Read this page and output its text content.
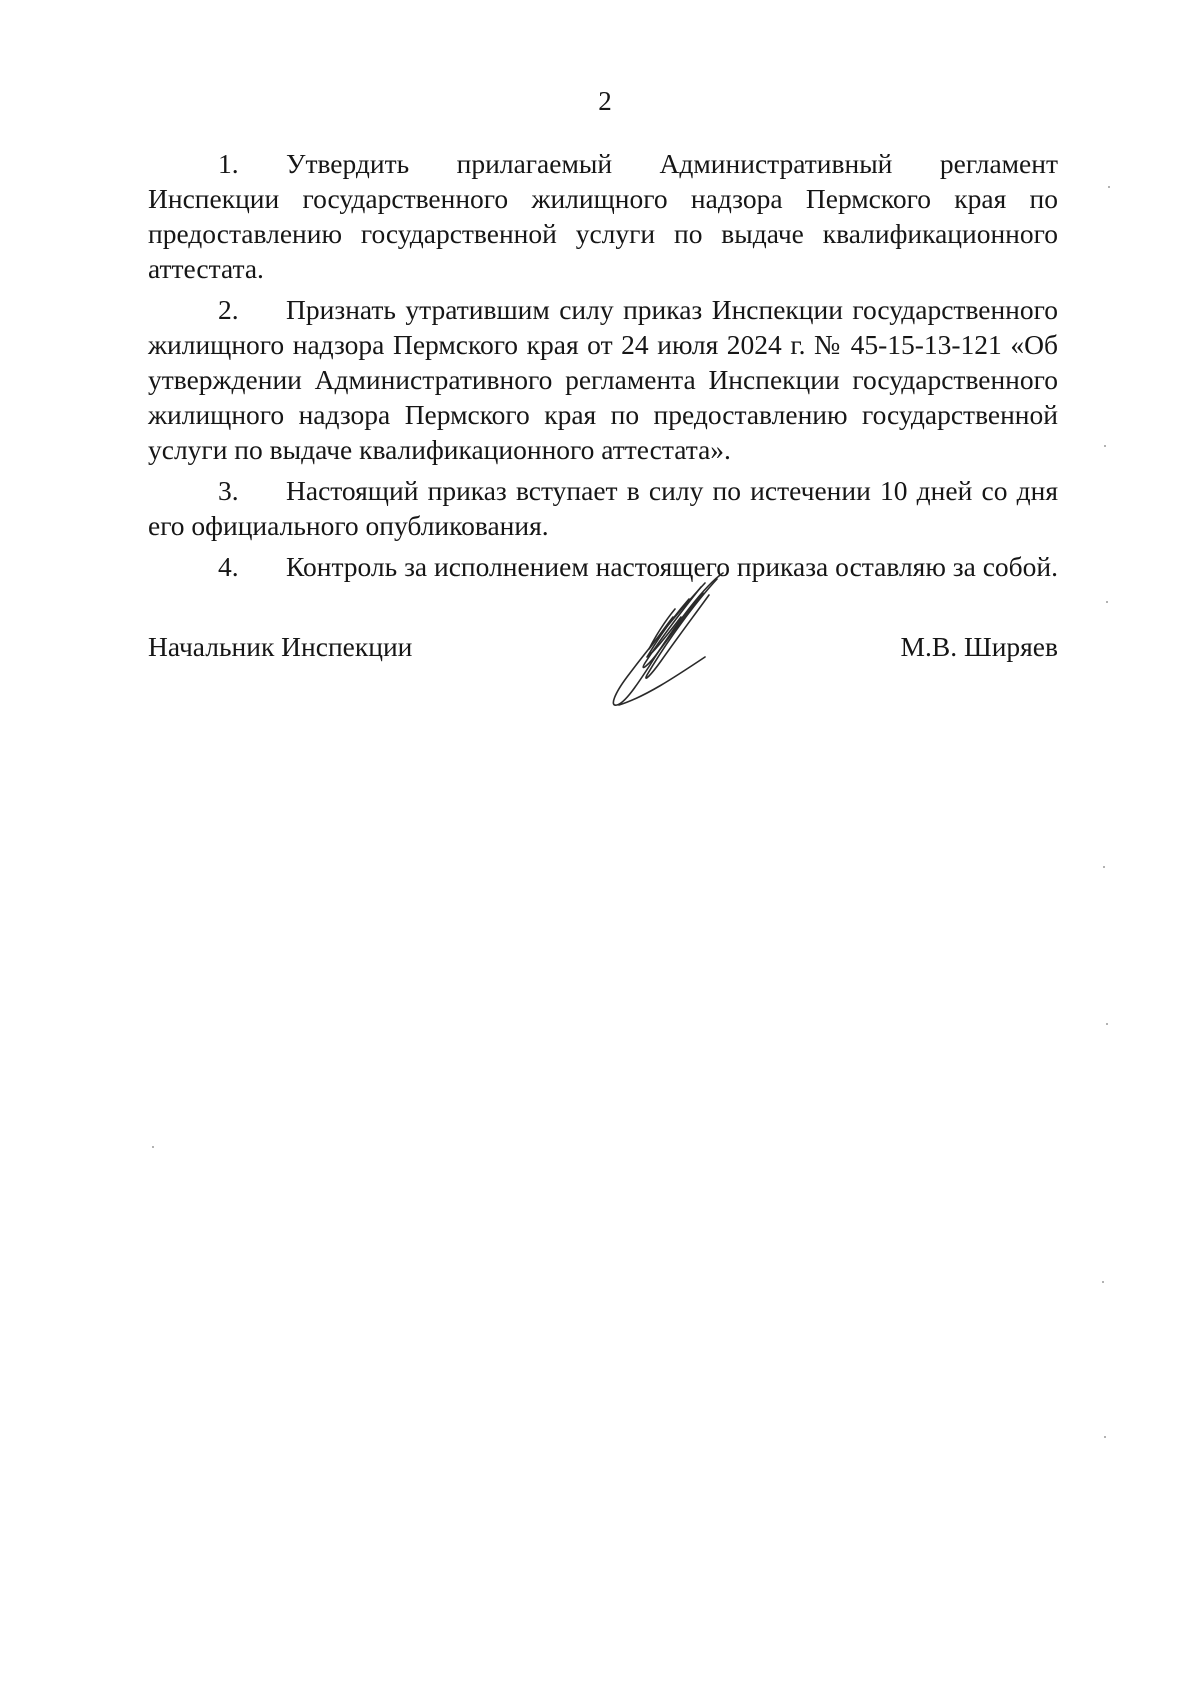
2

1. Утвердить прилагаемый Административный регламент Инспекции государственного жилищного надзора Пермского края по предоставлению государственной услуги по выдаче квалификационного аттестата.

2. Признать утратившим силу приказ Инспекции государственного жилищного надзора Пермского края от 24 июля 2024 г. № 45-15-13-121 «Об утверждении Административного регламента Инспекции государственного жилищного надзора Пермского края по предоставлению государственной услуги по выдаче квалификационного аттестата».

3. Настоящий приказ вступает в силу по истечении 10 дней со дня его официального опубликования.

4. Контроль за исполнением настоящего приказа оставляю за собой.

Начальник Инспекции	М.В. Ширяев
